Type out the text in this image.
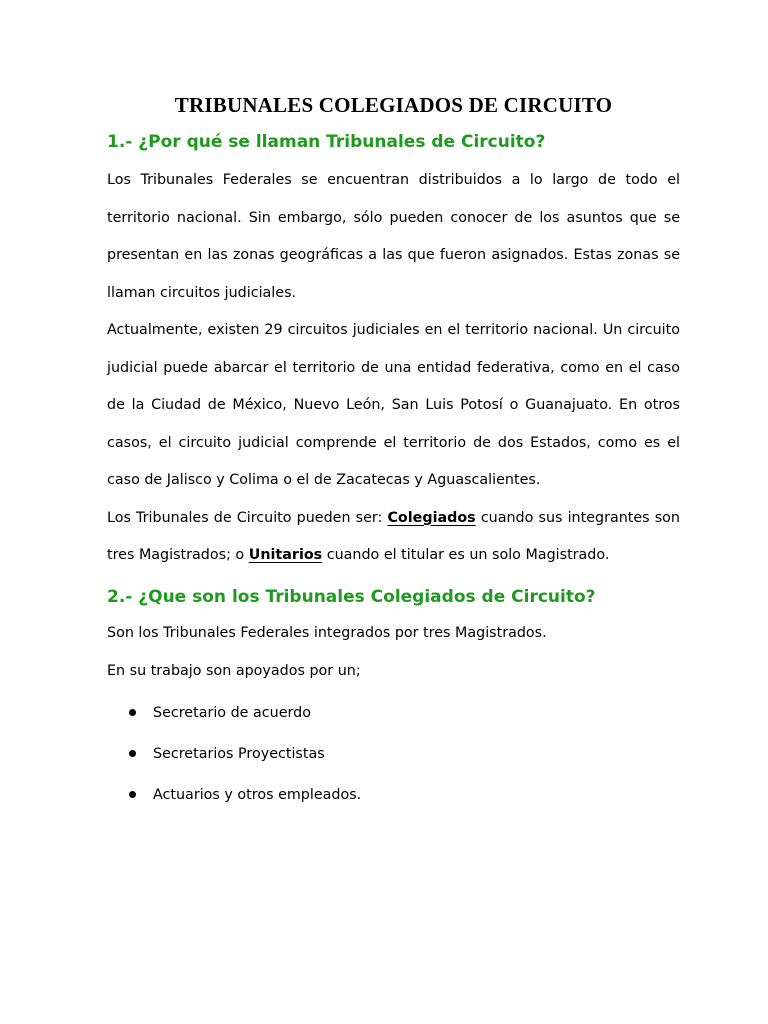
TRIBUNALES COLEGIADOS DE CIRCUITO
1.- ¿Por qué se llaman Tribunales de Circuito?

Los Tribunales Federales se encuentran distribuidos a lo largo de todo el territorio nacional. Sin embargo, sólo pueden conocer de los asuntos que se presentan en las zonas geográficas a las que fueron asignados. Estas zonas se llaman circuitos judiciales.

Actualmente, existen 29 circuitos judiciales en el territorio nacional. Un circuito judicial puede abarcar el territorio de una entidad federativa, como en el caso de la Ciudad de México, Nuevo León, San Luis Potosí o Guanajuato. En otros casos, el circuito judicial comprende el territorio de dos Estados, como es el caso de Jalisco y Colima o el de Zacatecas y Aguascalientes.

Los Tribunales de Circuito pueden ser: Colegiados cuando sus integrantes son tres Magistrados; o Unitarios cuando el titular es un solo Magistrado.

2.- ¿Que son los Tribunales Colegiados de Circuito?

Son los Tribunales Federales integrados por tres Magistrados.

En su trabajo son apoyados por un;

Secretario de acuerdo
Secretarios Proyectistas
Actuarios y otros empleados.
